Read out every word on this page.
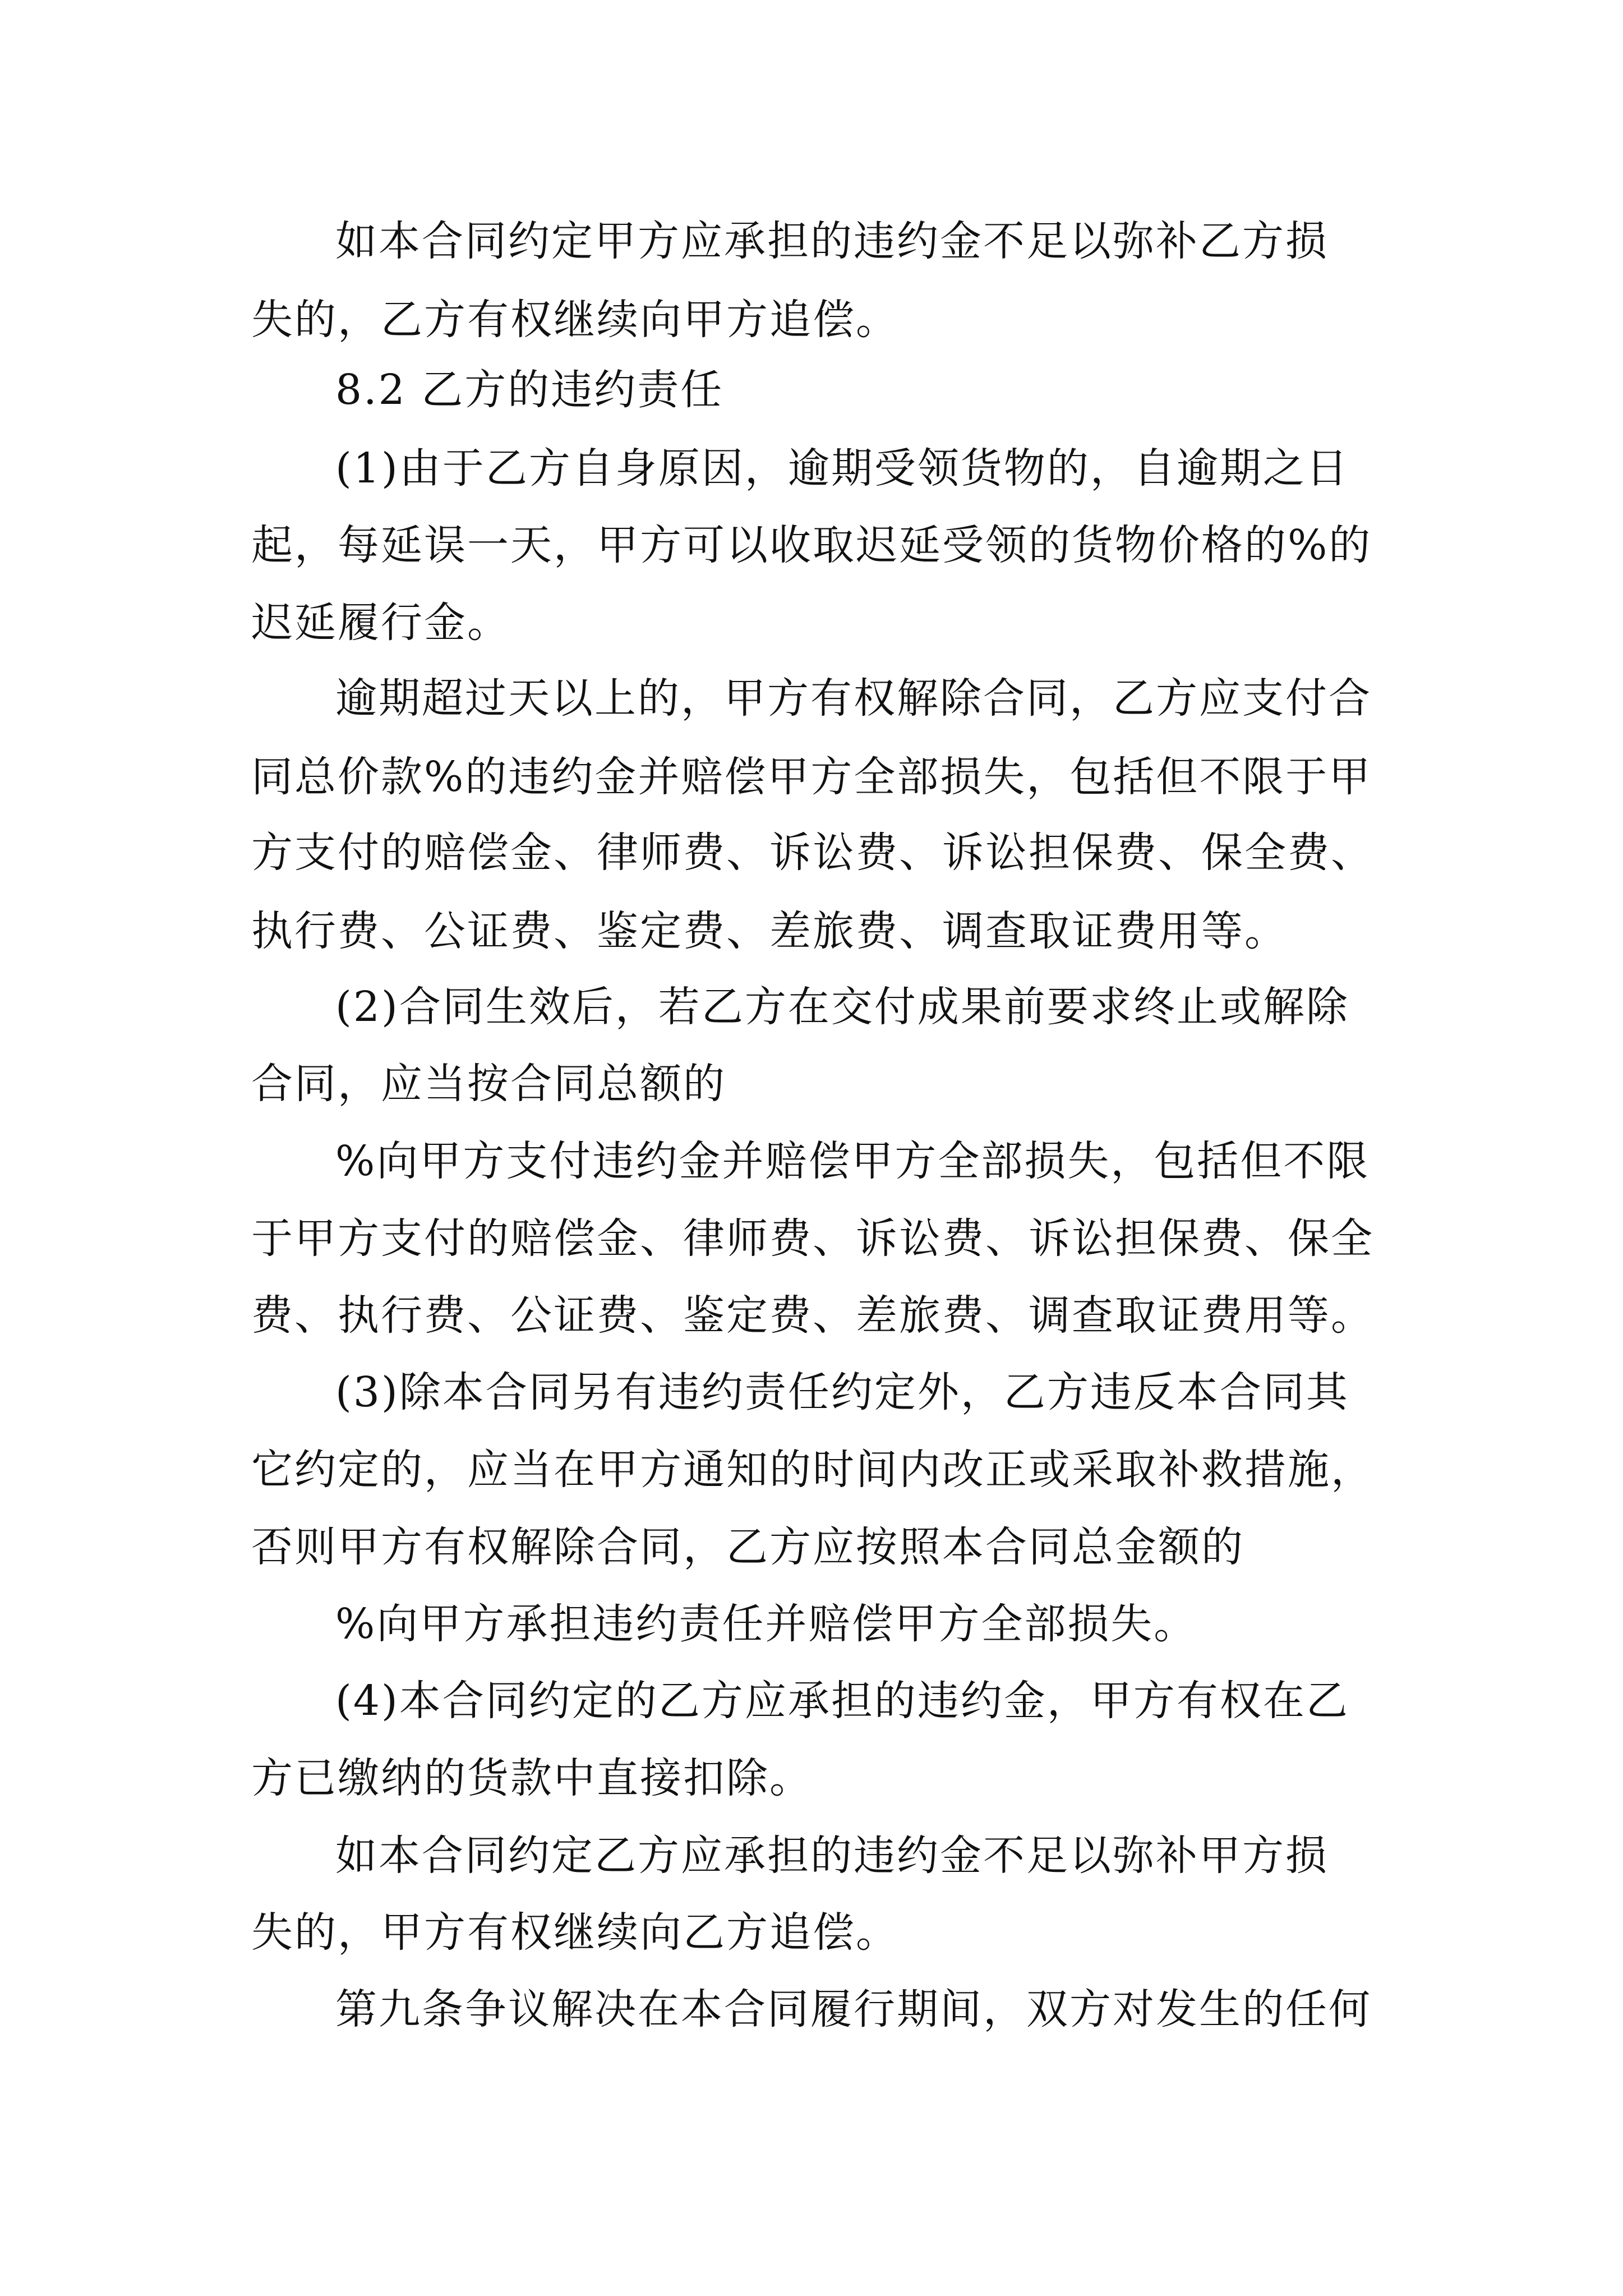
如本合同约定甲方应承担的违约金不足以弥补乙方损

失的，乙方有权继续向甲方追偿。

8.2 乙方的违约责任

(1)由于乙方自身原因，逾期受领货物的，自逾期之日

起，每延误一天，甲方可以收取迟延受领的货物价格的%的

迟延履行金。

逾期超过天以上的，甲方有权解除合同，乙方应支付合

同总价款%的违约金并赔偿甲方全部损失，包括但不限于甲

方支付的赔偿金、律师费、诉讼费、诉讼担保费、保全费、

执行费、公证费、鉴定费、差旅费、调查取证费用等。

(2)合同生效后，若乙方在交付成果前要求终止或解除

合同，应当按合同总额的

%向甲方支付违约金并赔偿甲方全部损失，包括但不限

于甲方支付的赔偿金、律师费、诉讼费、诉讼担保费、保全

费、执行费、公证费、鉴定费、差旅费、调查取证费用等。

(3)除本合同另有违约责任约定外，乙方违反本合同其

它约定的，应当在甲方通知的时间内改正或采取补救措施，

否则甲方有权解除合同，乙方应按照本合同总金额的

%向甲方承担违约责任并赔偿甲方全部损失。

(4)本合同约定的乙方应承担的违约金，甲方有权在乙

方已缴纳的货款中直接扣除。

如本合同约定乙方应承担的违约金不足以弥补甲方损

失的，甲方有权继续向乙方追偿。

第九条争议解决在本合同履行期间，双方对发生的任何
